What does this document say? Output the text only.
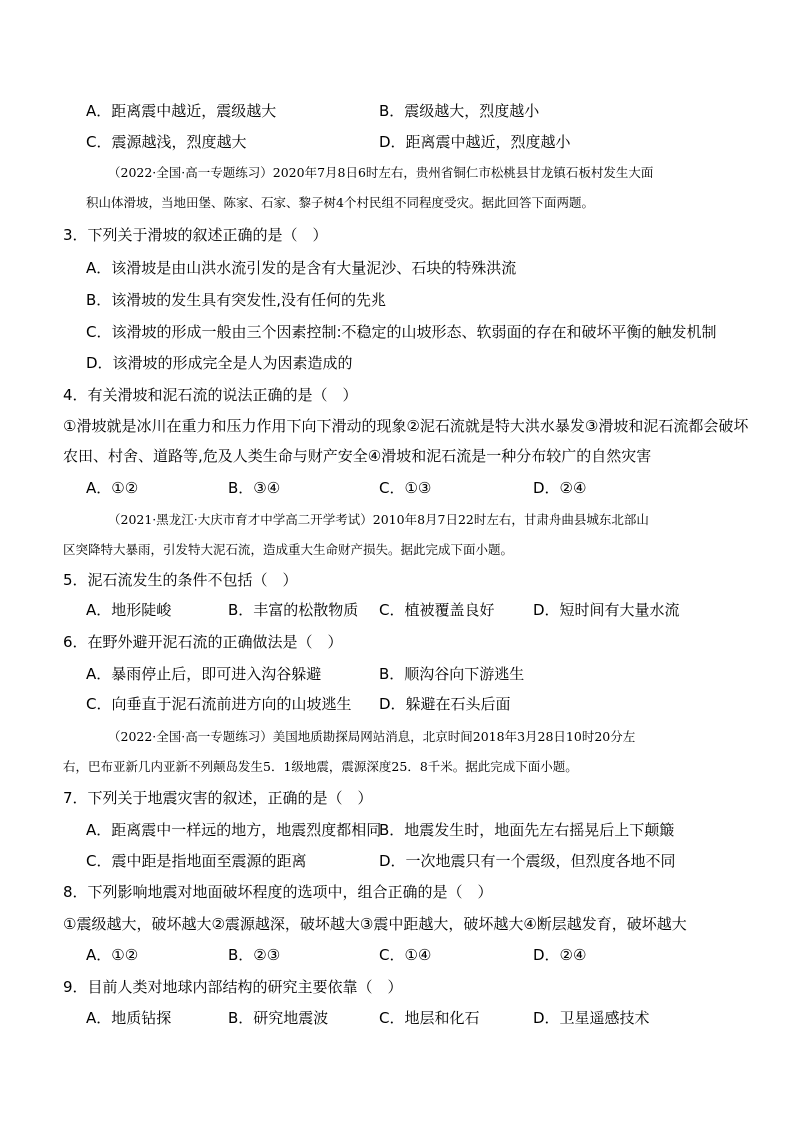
A．距离震中越近，震级越大	B．震级越大，烈度越小
C．震源越浅，烈度越大	D．距离震中越近，烈度越小
（2022·全国·高一专题练习）2020年7月8日6时左右，贵州省铜仁市松桃县甘龙镇石板村发生大面
积山体滑坡，当地田堡、陈家、石家、黎子树4个村民组不同程度受灾。据此回答下面两题。
3．下列关于滑坡的叙述正确的是（　）
A．该滑坡是由山洪水流引发的是含有大量泥沙、石块的特殊洪流
B．该滑坡的发生具有突发性,没有任何的先兆
C．该滑坡的形成一般由三个因素控制:不稳定的山坡形态、软弱面的存在和破坏平衡的触发机制
D．该滑坡的形成完全是人为因素造成的
4．有关滑坡和泥石流的说法正确的是（　）
①滑坡就是冰川在重力和压力作用下向下滑动的现象②泥石流就是特大洪水暴发③滑坡和泥石流都会破坏
农田、村舍、道路等,危及人类生命与财产安全④滑坡和泥石流是一种分布较广的自然灾害
A．①②	B．③④	C．①③	D．②④
（2021·黑龙江·大庆市育才中学高二开学考试）2010年8月7日22时左右，甘肃舟曲县城东北部山
区突降特大暴雨，引发特大泥石流，造成重大生命财产损失。据此完成下面小题。
5．泥石流发生的条件不包括（　）
A．地形陡峻	B．丰富的松散物质 C．植被覆盖良好	D．短时间有大量水流
6．在野外避开泥石流的正确做法是（　）
A．暴雨停止后，即可进入沟谷躲避	B．顺沟谷向下游逃生
C．向垂直于泥石流前进方向的山坡逃生 D．躲避在石头后面
（2022·全国·高一专题练习）美国地质勘探局网站消息，北京时间2018年3月28日10时20分左
右，巴布亚新几内亚新不列颠岛发生5．1级地震，震源深度25．8千米。据此完成下面小题。
7．下列关于地震灾害的叙述，正确的是（　）
A．距离震中一样远的地方，地震烈度都相同
B．地震发生时，地面先左右摇晃后上下颠簸
C．震中距是指地面至震源的距离	D．一次地震只有一个震级，但烈度各地不同
8．下列影响地震对地面破坏程度的选项中，组合正确的是（　）
①震级越大，破坏越大②震源越深，破坏越大③震中距越大，破坏越大④断层越发育，破坏越大
A．①②	B．②③	C．①④	D．②④
9．目前人类对地球内部结构的研究主要依靠（　）
A．地质钻探	B．研究地震波	C．地层和化石	D．卫星遥感技术
